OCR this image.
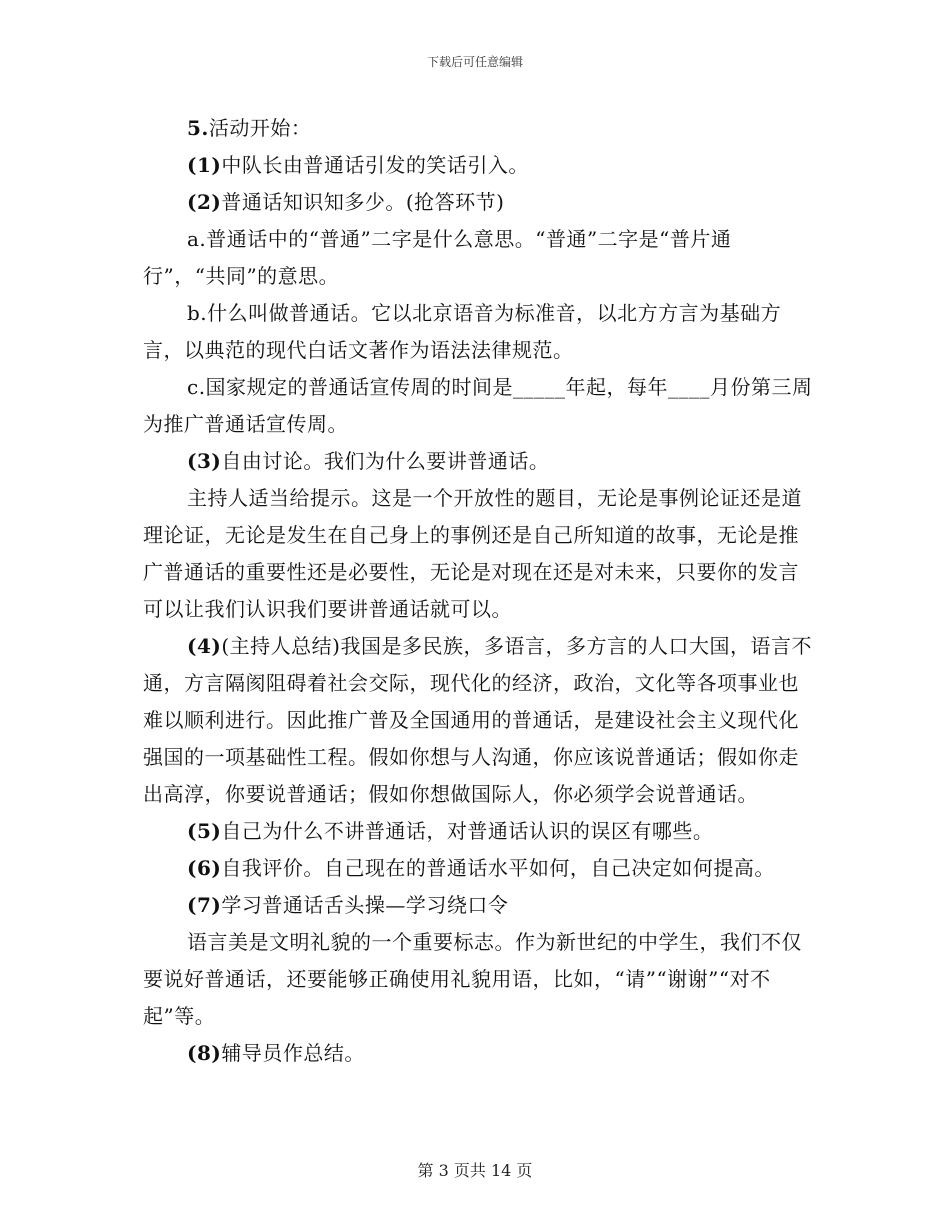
下载后可任意编辑

5.活动开始：

(1)中队长由普通话引发的笑话引入。

(2)普通话知识知多少。(抢答环节)

a.普通话中的“普通”二字是什么意思。“普通”二字是“普片通行”，“共同”的意思。

b.什么叫做普通话。它以北京语音为标准音，以北方方言为基础方言，以典范的现代白话文著作为语法法律规范。

c.国家规定的普通话宣传周的时间是_____年起，每年____月份第三周为推广普通话宣传周。

(3)自由讨论。我们为什么要讲普通话。

主持人适当给提示。这是一个开放性的题目，无论是事例论证还是道理论证，无论是发生在自己身上的事例还是自己所知道的故事，无论是推广普通话的重要性还是必要性，无论是对现在还是对未来，只要你的发言可以让我们认识我们要讲普通话就可以。

(4)(主持人总结)我国是多民族，多语言，多方言的人口大国，语言不通，方言隔阂阻碍着社会交际，现代化的经济，政治，文化等各项事业也难以顺利进行。因此推广普及全国通用的普通话，是建设社会主义现代化强国的一项基础性工程。假如你想与人沟通，你应该说普通话；假如你走出高淳，你要说普通话；假如你想做国际人，你必须学会说普通话。

(5)自己为什么不讲普通话，对普通话认识的误区有哪些。

(6)自我评价。自己现在的普通话水平如何，自己决定如何提高。

(7)学习普通话舌头操—学习绕口令

语言美是文明礼貌的一个重要标志。作为新世纪的中学生，我们不仅要说好普通话，还要能够正确使用礼貌用语，比如，“请”“谢谢”“对不起”等。

(8)辅导员作总结。

第 3 页共 14 页
